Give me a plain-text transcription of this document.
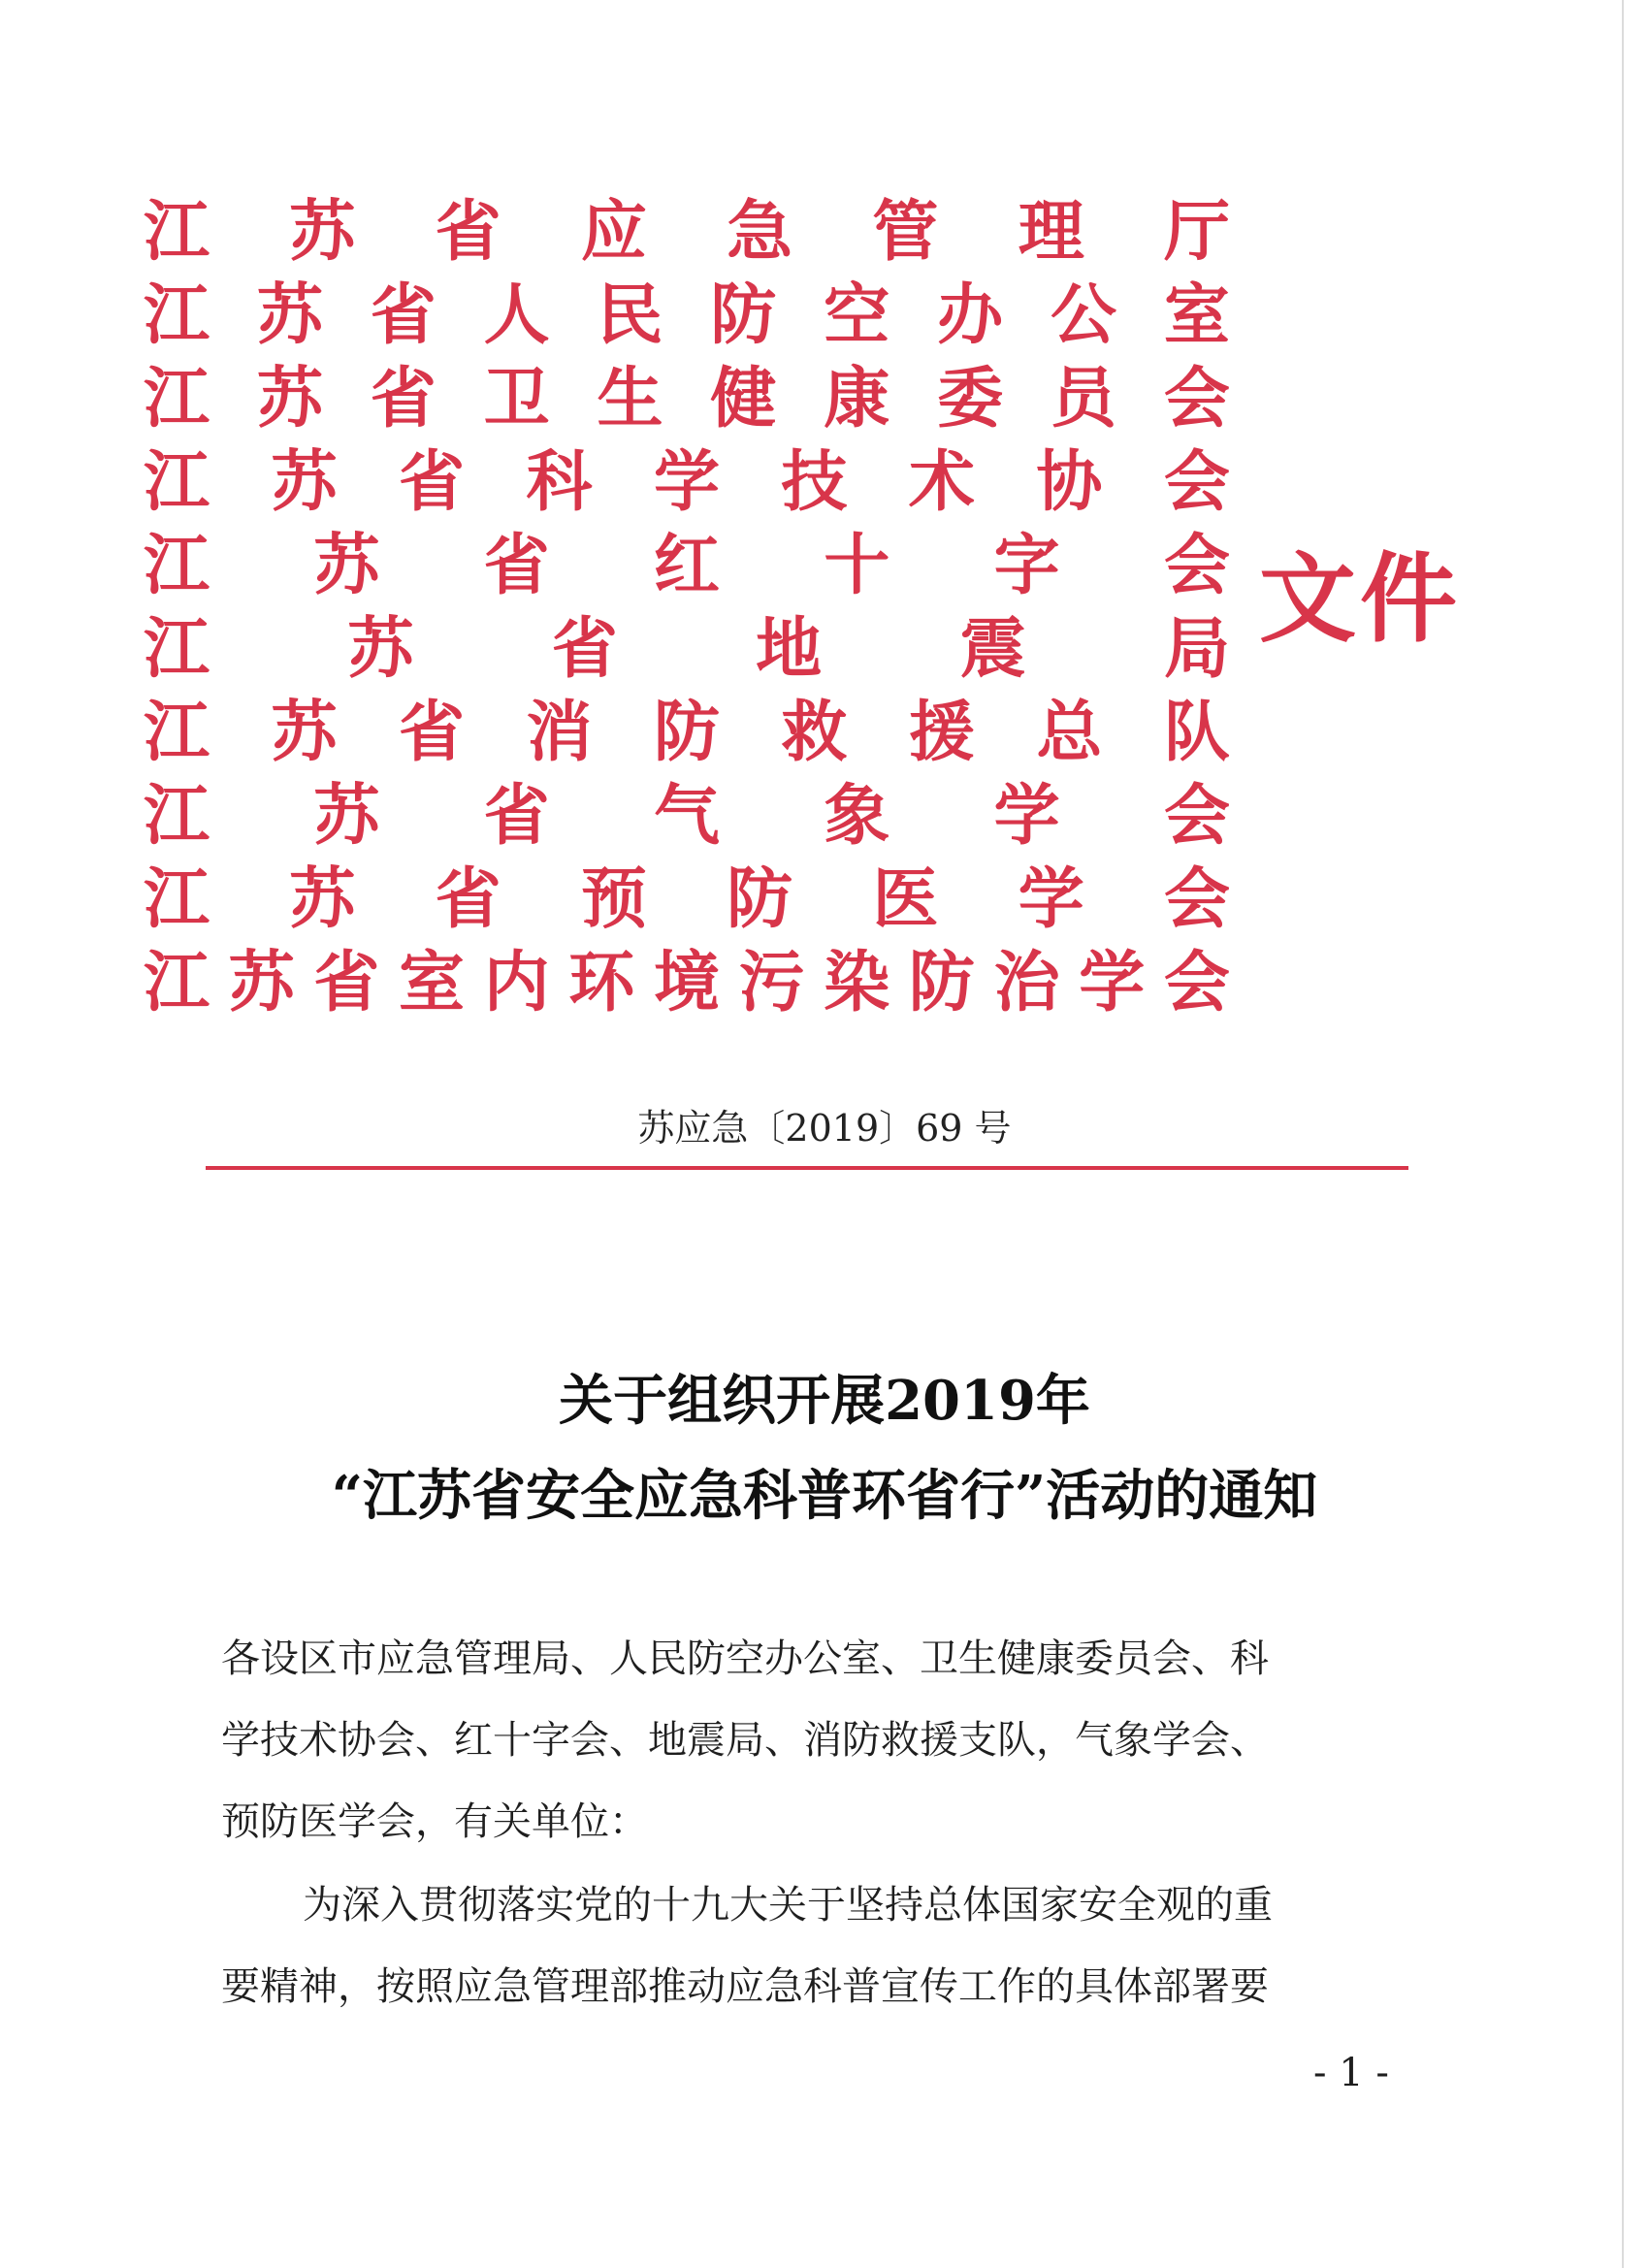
江 苏 省 应 急 管 理 厅
江 苏 省 人 民 防 空 办 公 室
江 苏 省 卫 生 健 康 委 员 会
江 苏 省 科 学 技 术 协 会
江 苏 省 红 十 字 会
江 苏 省 地 震 局
江 苏 省 消 防 救 援 总 队
江 苏 省 气 象 学 会
江 苏 省 预 防 医 学 会
江 苏 省 室 内 环 境 污 染 防 治 学 会
文件
苏应急〔2019〕69 号
关于组织开展2019年
“江苏省安全应急科普环省行”活动的通知
各设区市应急管理局、人民防空办公室、卫生健康委员会、科
学技术协会、红十字会、地震局、消防救援支队，气象学会、
预防医学会，有关单位：
为深入贯彻落实党的十九大关于坚持总体国家安全观的重
要精神，按照应急管理部推动应急科普宣传工作的具体部署要
- 1 -
